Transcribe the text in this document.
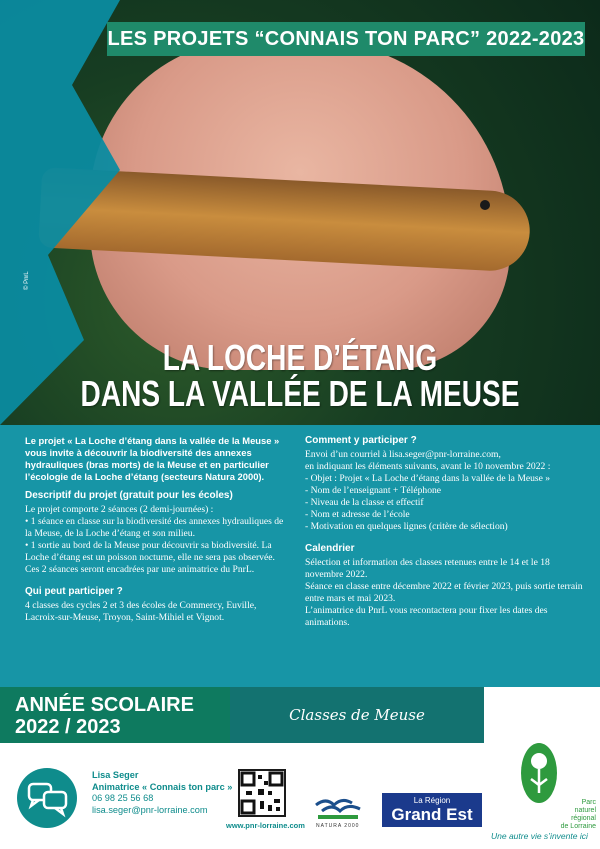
© PnrL
LES PROJETS “CONNAIS TON PARC” 2022-2023
LA LOCHE D’ÉTANG
DANS LA VALLÉE DE LA MEUSE
Le projet « La Loche d’étang dans la vallée de la Meuse » vous invite à découvrir la biodiversité des annexes hydrauliques (bras morts) de la Meuse et en particulier l’écologie de la Loche d’étang (secteurs Natura 2000).
Descriptif du projet (gratuit pour les écoles)
Le projet comporte 2 séances (2 demi-journées) :
• 1 séance en classe sur la biodiversité des annexes hydrauliques de la Meuse, de la Loche d’étang et son milieu.
• 1 sortie au bord de la Meuse pour découvrir sa biodiversité. La Loche d’étang est un poisson nocturne, elle ne sera pas observée.
Ces 2 séances seront encadrées par une animatrice du PnrL.
Qui peut participer ?
4 classes des cycles 2 et 3 des écoles de Commercy, Euville, Lacroix-sur-Meuse, Troyon, Saint-Mihiel et Vignot.
Comment y participer ?
Envoi d’un courriel à lisa.seger@pnr-lorraine.com,
en indiquant les éléments suivants, avant le 10 novembre 2022 :
- Objet : Projet « La Loche d’étang dans la vallée de la Meuse »
- Nom de l’enseignant + Téléphone
- Niveau de la classe et effectif
- Nom et adresse de l’école
- Motivation en quelques lignes (critère de sélection)
Calendrier
Sélection et information des classes retenues entre le 14 et le 18 novembre 2022.
Séance en classe entre décembre 2022 et février 2023, puis sortie terrain entre mars et mai 2023.
L’animatrice du PnrL vous recontactera pour fixer les dates des animations.
ANNÉE SCOLAIRE
2022 / 2023
Classes de Meuse
Lisa Seger
Animatrice « Connais ton parc »
06 98 25 56 68
lisa.seger@pnr-lorraine.com
www.pnr-lorraine.com NATURA 2000
La Région
Grand Est
Parc
naturel
régional
de Lorraine
Une autre vie s’invente ici
